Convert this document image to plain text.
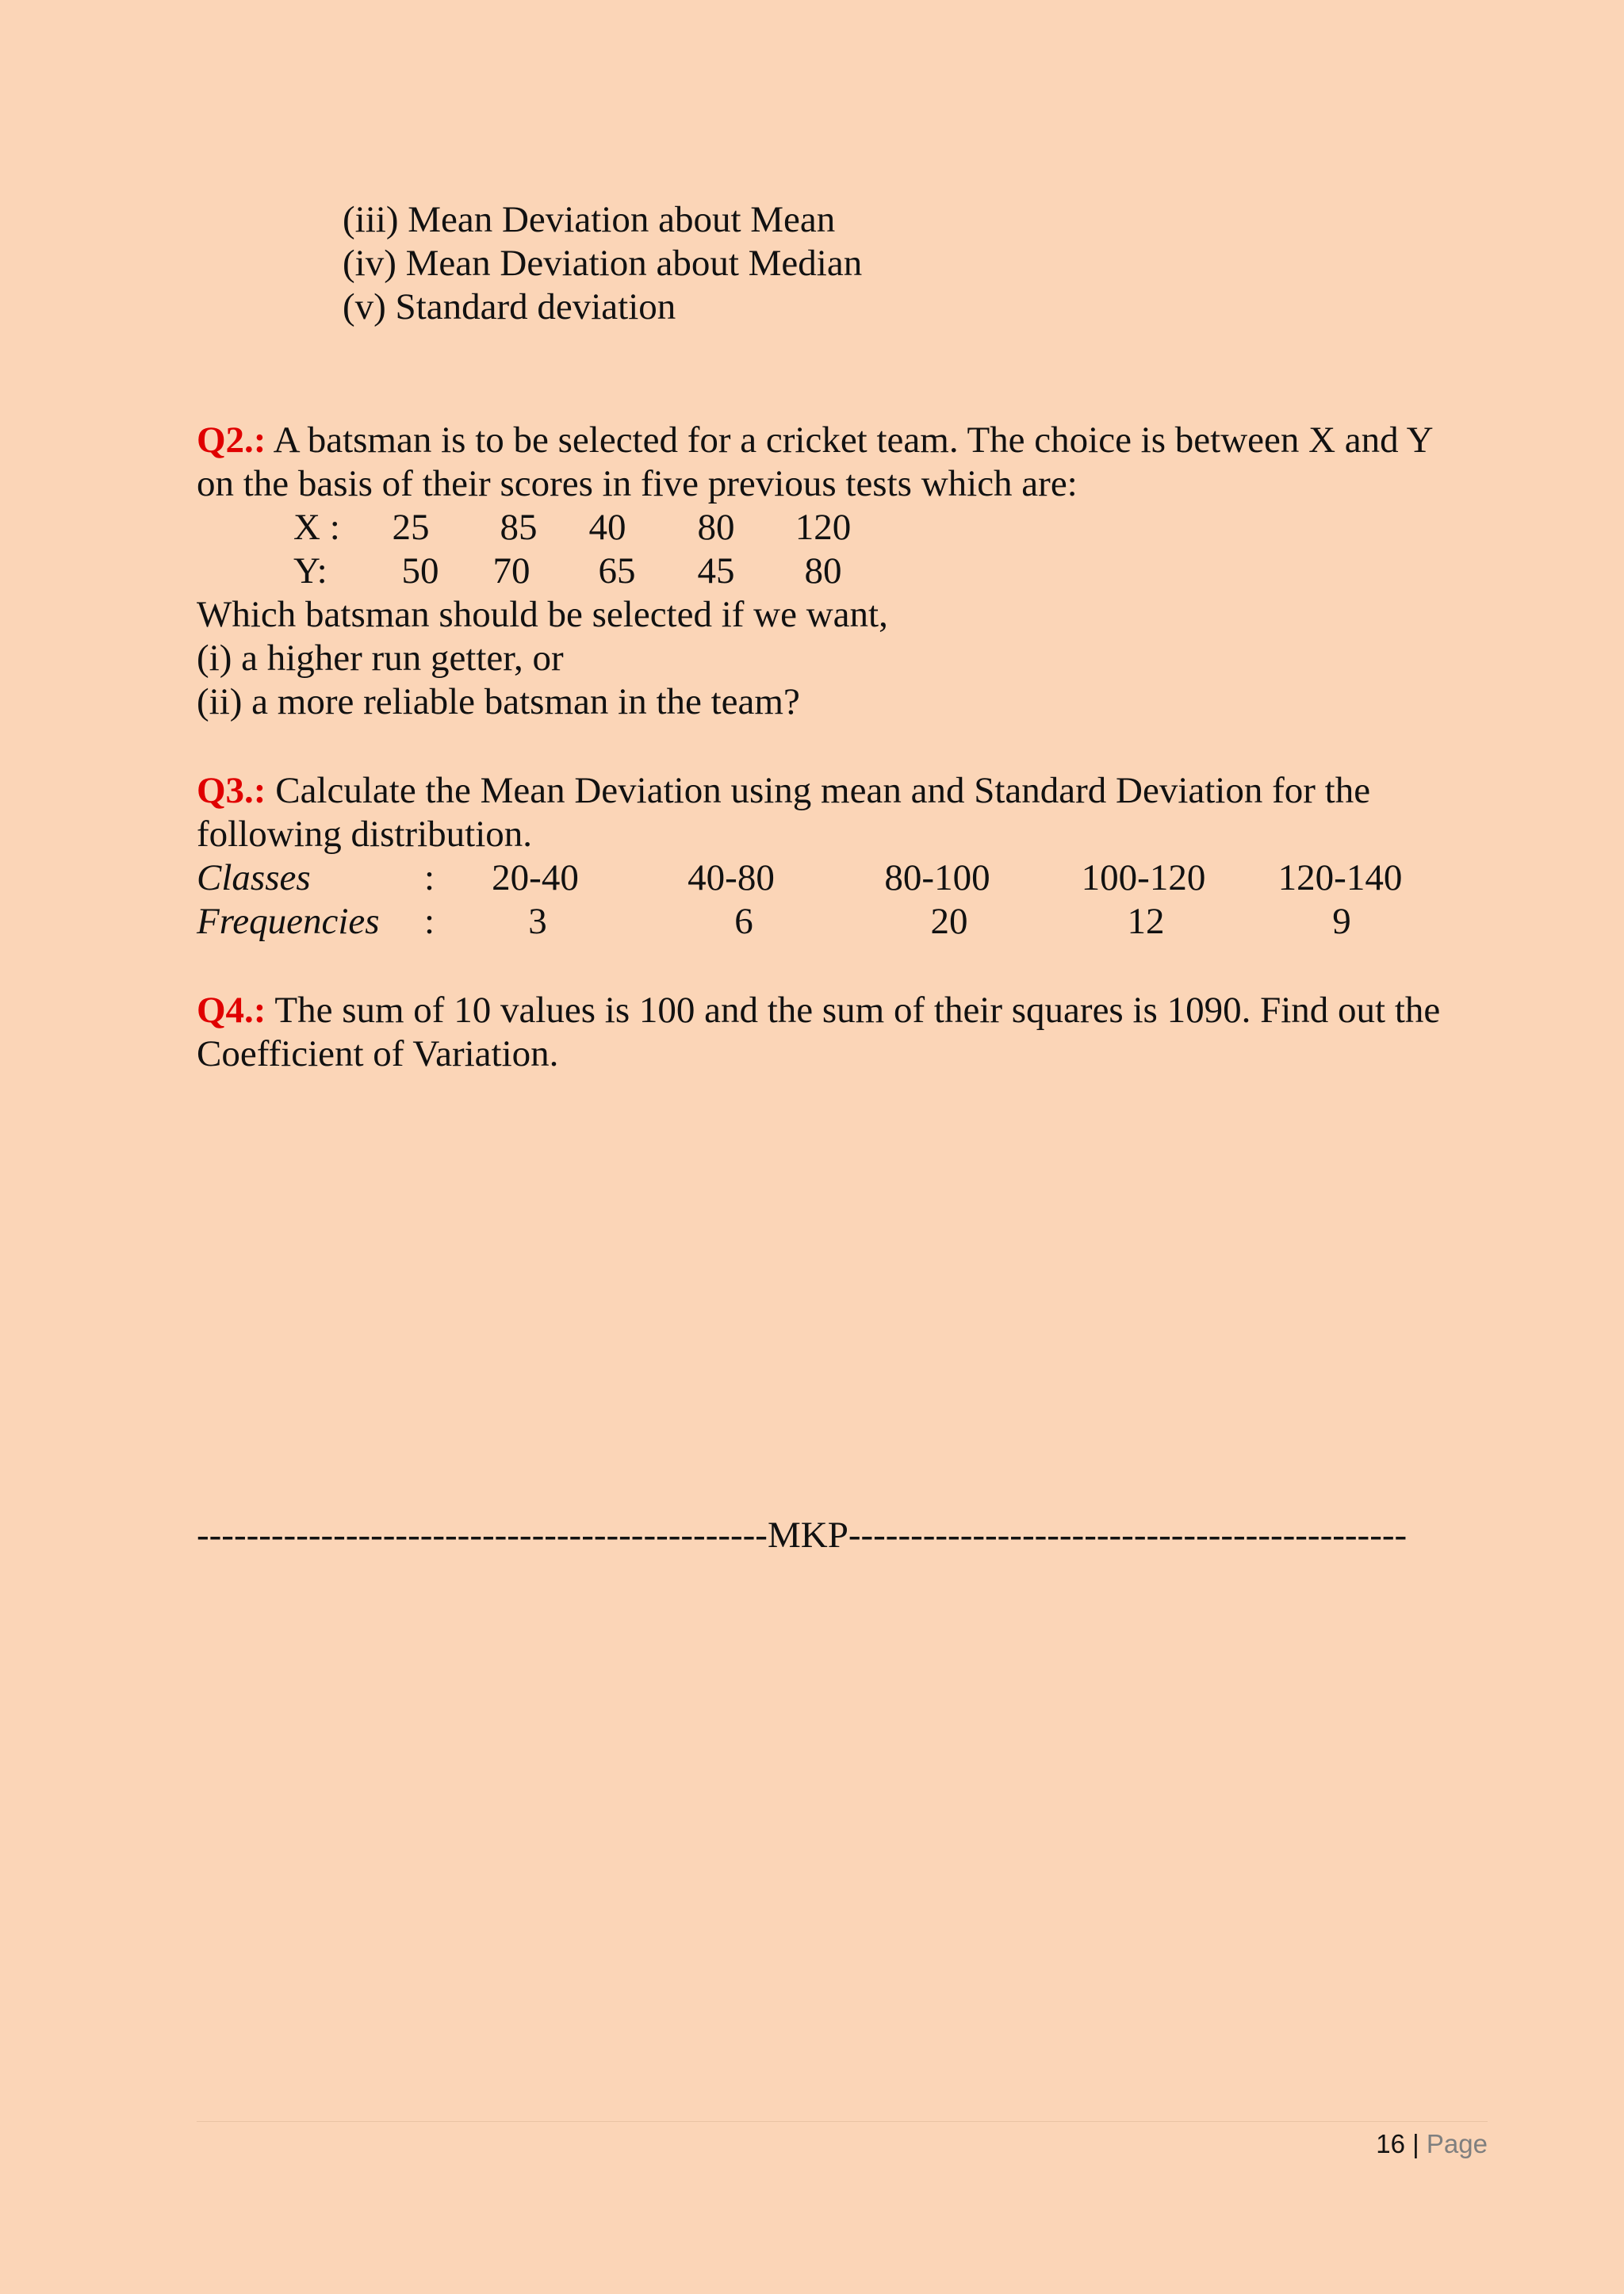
(iii) Mean Deviation about Mean
(iv) Mean Deviation about Median
(v) Standard deviation
Q2.: A batsman is to be selected for a cricket team. The choice is between X and Y
on the basis of their scores in five previous tests which are:
X : 25 85 40 80 120
Y: 50 70 65 45 80
Which batsman should be selected if we want,
(i) a higher run getter, or
(ii) a more reliable batsman in the team?
Q3.: Calculate the Mean Deviation using mean and Standard Deviation for the
following distribution.
Classes	: 20-40	40-80	80-100 100-120 120-140
Frequencies :	3	6	20	12	9
Q4.: The sum of 10 values is 100 and the sum of their squares is 1090. Find out the
Coefficient of Variation.
----------------------------------------------MKP---------------------------------------------
16 | Page
